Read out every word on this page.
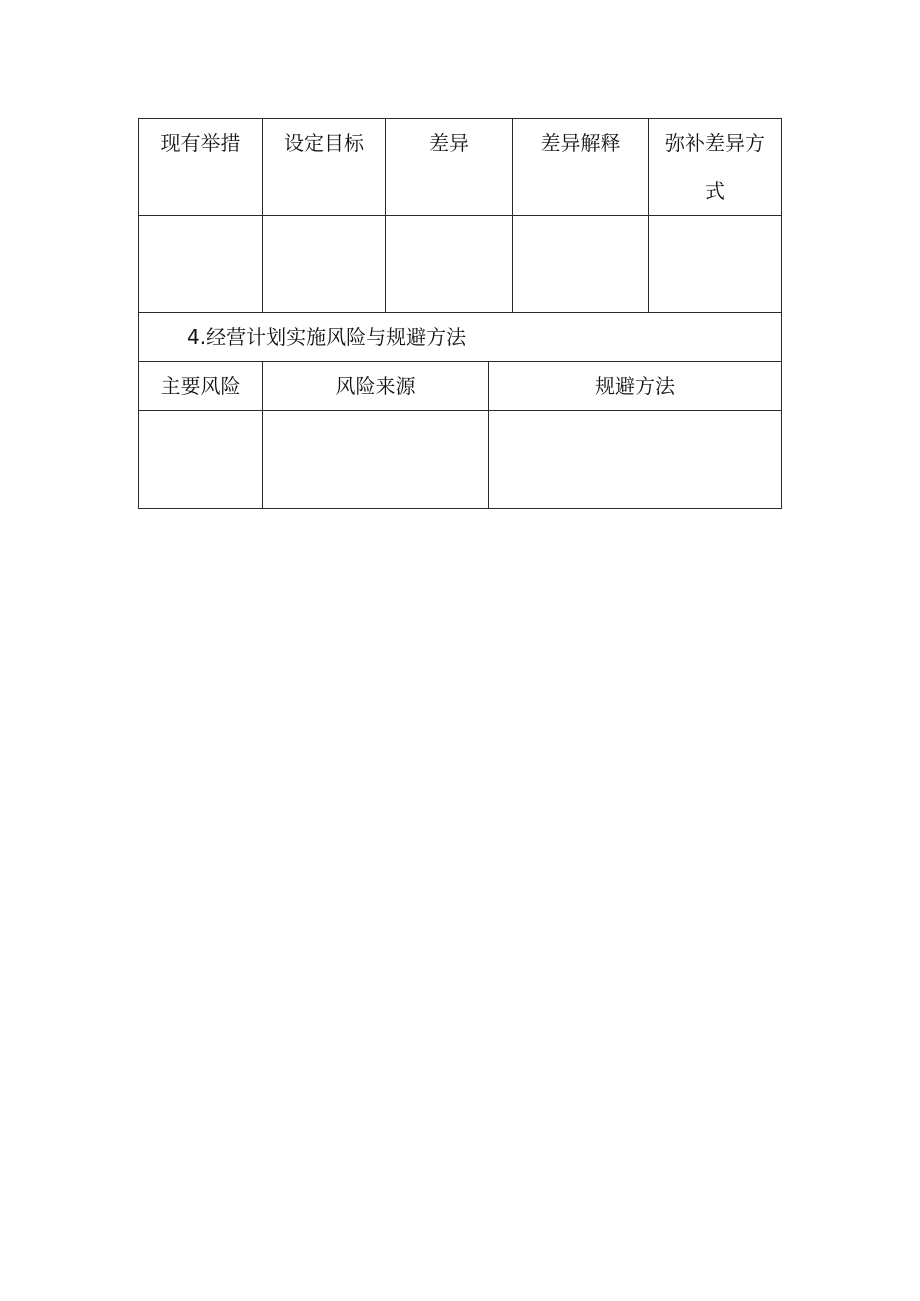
现有举措	设定目标	差异	差异解释	弥补差异方式

4.经营计划实施风险与规避方法				
主要风险	风险来源	规避方法
